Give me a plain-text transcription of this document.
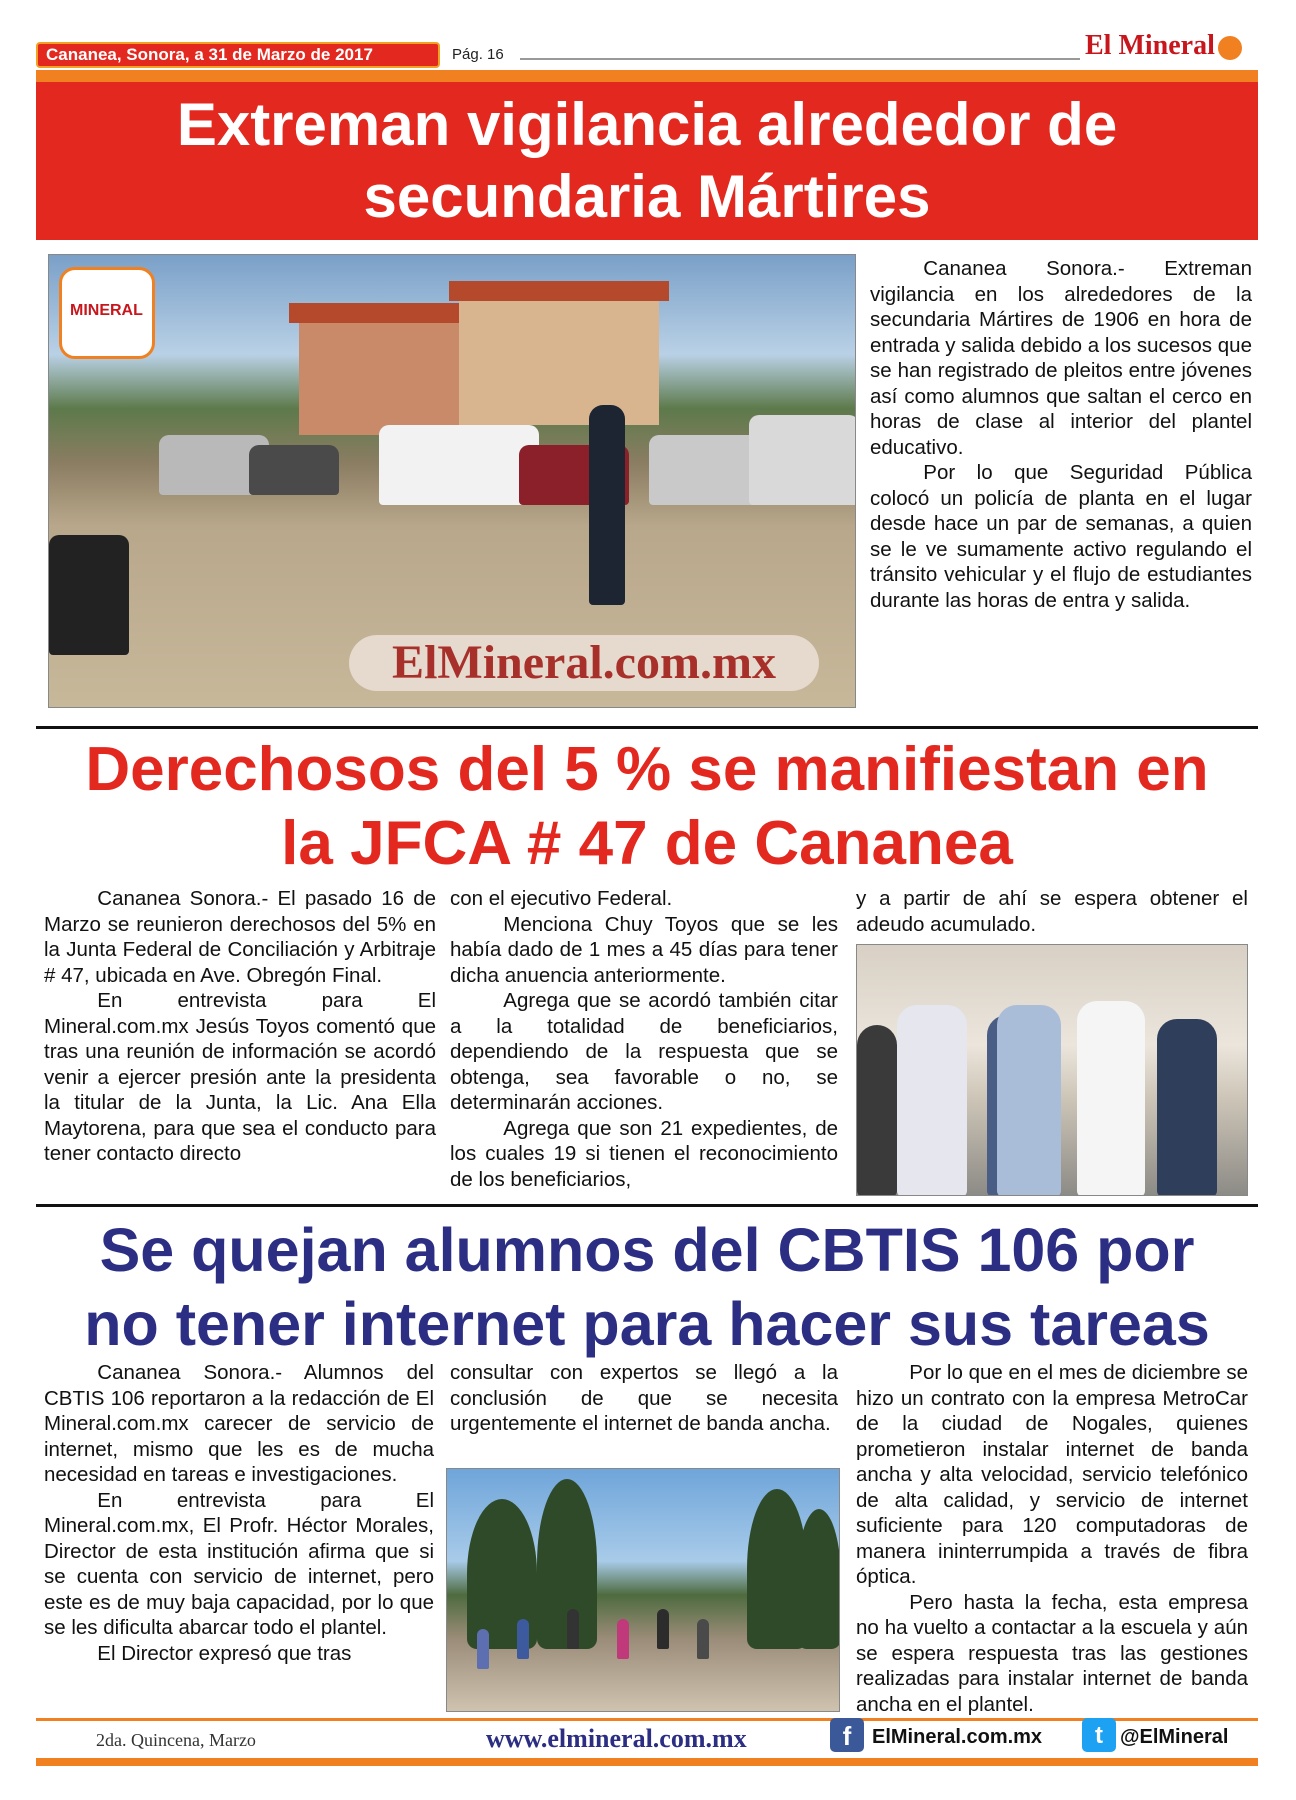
Cananea, Sonora, a 31 de Marzo de 2017	Pág. 16	El Mineral
Extreman vigilancia alrededor de
secundaria Mártires
MINERAL
ElMineral.com.mx

Cananea Sonora.- Extreman vigilancia en los alrededores de la secundaria Mártires de 1906 en hora de entrada y salida debido a los sucesos que se han registrado de pleitos entre jóvenes así como alumnos que saltan el cerco en horas de clase al interior del plantel educativo.

Por lo que Seguridad Pública colocó un policía de planta en el lugar desde hace un par de semanas, a quien se le ve sumamente activo regulando el tránsito vehicular y el flujo de estudiantes durante las horas de entra y salida.

Derechosos del 5 % se manifiestan en
la JFCA # 47 de Cananea

Cananea Sonora.- El pasado 16 de Marzo se reunieron derechosos del 5% en la Junta Federal de Conciliación y Arbitraje # 47, ubicada en Ave. Obregón Final.

En entrevista para El Mineral.com.mx Jesús Toyos comentó que tras una reunión de información se acordó venir a ejercer presión ante la presidenta la titular de la Junta, la Lic. Ana Ella Maytorena, para que sea el conducto para tener contacto directo

con el ejecutivo Federal.

Menciona Chuy Toyos que se les había dado de 1 mes a 45 días para tener dicha anuencia anteriormente.

Agrega que se acordó también citar a la totalidad de beneficiarios, dependiendo de la respuesta que se obtenga, sea favorable o no, se determinarán acciones.

Agrega que son 21 expedientes, de los cuales 19 si tienen el reconocimiento de los beneficiarios,

y a partir de ahí se espera obtener el adeudo acumulado.

Se quejan alumnos del CBTIS 106 por
no tener internet para hacer sus tareas

Cananea Sonora.- Alumnos del CBTIS 106 reportaron a la redacción de El Mineral.com.mx carecer de servicio de internet, mismo que les es de mucha necesidad en tareas e investigaciones.

En entrevista para El Mineral.com.mx, El Profr. Héctor Morales, Director de esta institución afirma que si se cuenta con servicio de internet, pero este es de muy baja capacidad, por lo que se les dificulta abarcar todo el plantel.

El Director expresó que tras

consultar con expertos se llegó a la conclusión de que se necesita urgentemente el internet de banda ancha.

Por lo que en el mes de diciembre se hizo un contrato con la empresa MetroCar de la ciudad de Nogales, quienes prometieron instalar internet de banda ancha y alta velocidad, servicio telefónico de alta calidad, y servicio de internet suficiente para 120 computadoras de manera ininterrumpida a través de fibra óptica.

Pero hasta la fecha, esta empresa no ha vuelto a contactar a la escuela y aún se espera respuesta tras las gestiones realizadas para instalar internet de banda ancha en el plantel.

2da. Quincena, Marzo	www.elmineral.com.mx	f	ElMineral.com.mx	t @ElMineral
